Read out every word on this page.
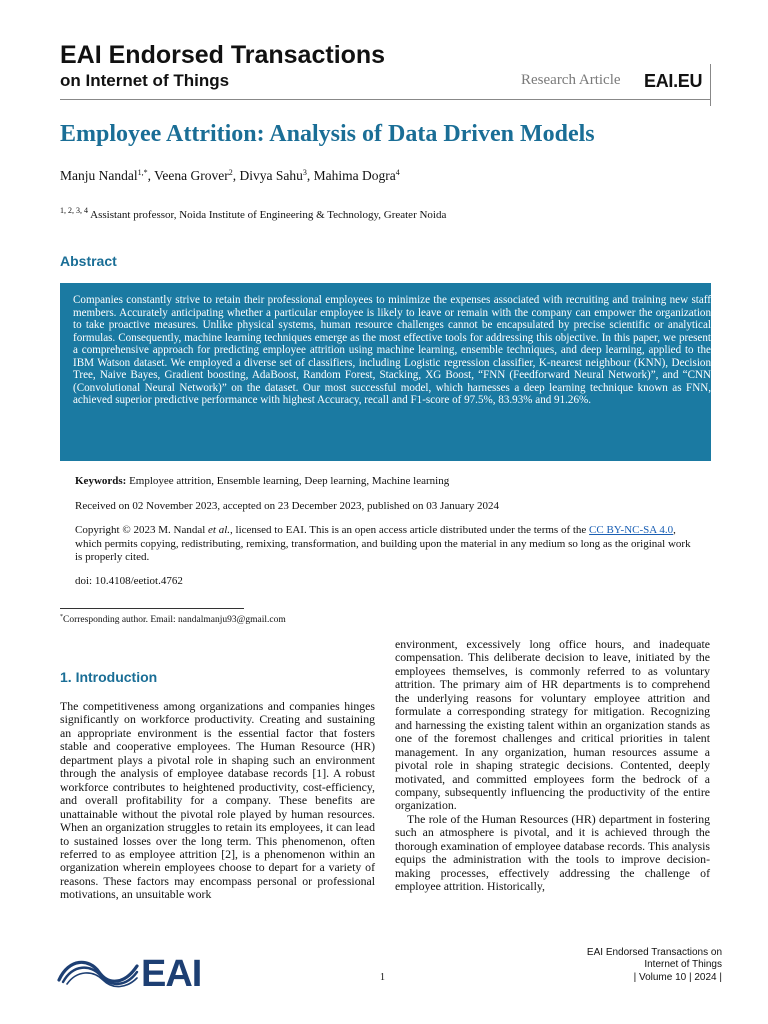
EAI Endorsed Transactions
on Internet of Things	Research Article EAI.EU
Employee Attrition: Analysis of Data Driven Models
Manju Nandal$^{1,*}$, Veena Grover$^2$, Divya Sahu$^3$, Mahima Dogra$^4$
$^{1, 2, 3, 4}$ Assistant professor, Noida Institute of Engineering & Technology, Greater Noida
Abstract
Companies constantly strive to retain their professional employees to minimize the expenses associated with recruiting and training new staff members. Accurately anticipating whether a particular employee is likely to leave or remain with the company can empower the organization to take proactive measures. Unlike physical systems, human resource challenges cannot be encapsulated by precise scientific or analytical formulas. Consequently, machine learning techniques emerge as the most effective tools for addressing this objective. In this paper, we present a comprehensive approach for predicting employee attrition using machine learning, ensemble techniques, and deep learning, applied to the IBM Watson dataset. We employed a diverse set of classifiers, including Logistic regression classifier, K-nearest neighbour (KNN), Decision Tree, Naive Bayes, Gradient boosting, AdaBoost, Random Forest, Stacking, XG Boost, “FNN (Feedforward Neural Network)”, and “CNN (Convolutional Neural Network)” on the dataset. Our most successful model, which harnesses a deep learning technique known as FNN, achieved superior predictive performance with highest Accuracy, recall and F1-score of 97.5%, 83.93% and 91.26%.
Keywords: Employee attrition, Ensemble learning, Deep learning, Machine learning
Received on 02 November 2023, accepted on 23 December 2023, published on 03 January 2024
Copyright © 2023 M. Nandal et al., licensed to EAI. This is an open access article distributed under the terms of the CC BY-NC-SA 4.0, which permits copying, redistributing, remixing, transformation, and building upon the material in any medium so long as the original work is properly cited.
doi: 10.4108/eetiot.4762
*Corresponding author. Email: nandalmanju93@gmail.com
1. Introduction
The competitiveness among organizations and companies hinges significantly on workforce productivity. Creating and sustaining an appropriate environment is the essential factor that fosters stable and cooperative employees. The Human Resource (HR) department plays a pivotal role in shaping such an environment through the analysis of employee database records [1]. A robust workforce contributes to heightened productivity, cost-efficiency, and overall profitability for a company. These benefits are unattainable without the pivotal role played by human resources. When an organization struggles to retain its employees, it can lead to sustained losses over the long term. This phenomenon, often referred to as employee attrition [2], is a phenomenon within an organization wherein employees choose to depart for a variety of reasons. These factors may encompass personal or professional motivations, an unsuitable work
environment, excessively long office hours, and inadequate compensation. This deliberate decision to leave, initiated by the employees themselves, is commonly referred to as voluntary attrition. The primary aim of HR departments is to comprehend the underlying reasons for voluntary employee attrition and formulate a corresponding strategy for mitigation. Recognizing and harnessing the existing talent within an organization stands as one of the foremost challenges and critical priorities in talent management. In any organization, human resources assume a pivotal role in shaping strategic decisions. Contented, deeply motivated, and committed employees form the bedrock of a company, subsequently influencing the productivity of the entire organization.
The role of the Human Resources (HR) department in fostering such an atmosphere is pivotal, and it is achieved through the thorough examination of employee database records. This analysis equips the administration with the tools to improve decision-making processes, effectively addressing the challenge of employee attrition. Historically,
EAI	1
EAI Endorsed Transactions on
Internet of Things
| Volume 10 | 2024 |
